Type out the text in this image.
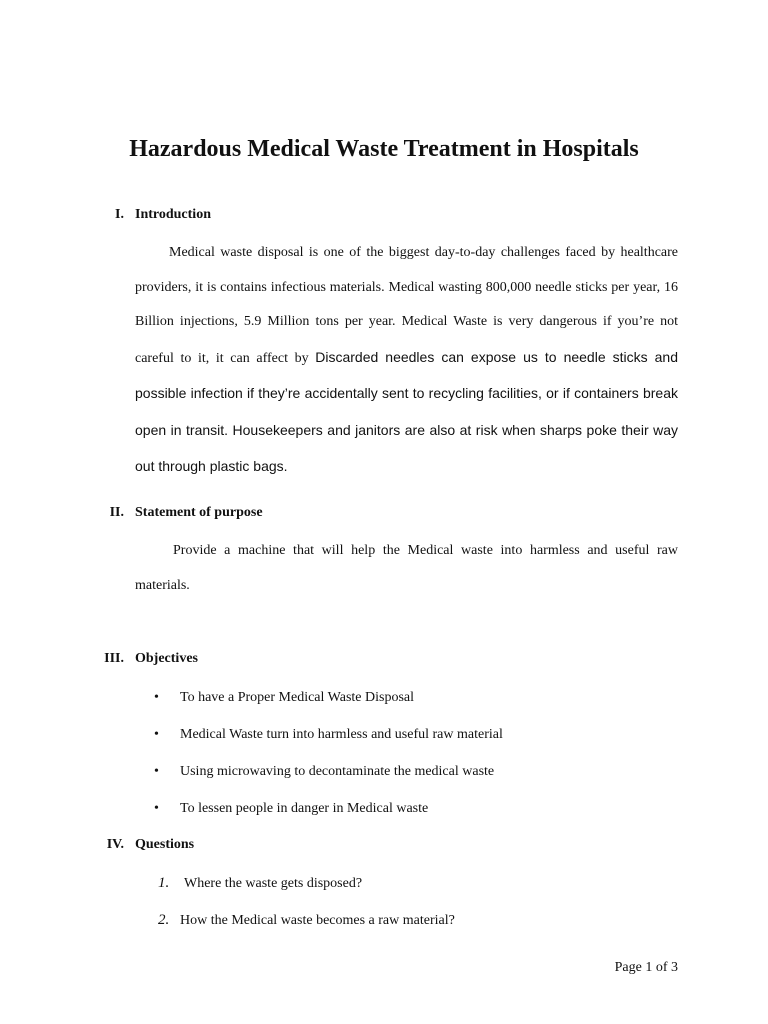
Hazardous Medical Waste Treatment in Hospitals
I. Introduction

Medical waste disposal is one of the biggest day-to-day challenges faced by healthcare providers, it is contains infectious materials. Medical wasting 800,000 needle sticks per year, 16 Billion injections, 5.9 Million tons per year. Medical Waste is very dangerous if you’re not careful to it, it can affect by Discarded needles can expose us to needle sticks and possible infection if they’re accidentally sent to recycling facilities, or if containers break open in transit. Housekeepers and janitors are also at risk when sharps poke their way out through plastic bags.

II. Statement of purpose

Provide a machine that will help the Medical waste into harmless and useful raw materials.

III. Objectives
• To have a Proper Medical Waste Disposal
• Medical Waste turn into harmless and useful raw material
• Using microwaving to decontaminate the medical waste
• To lessen people in danger in Medical waste
IV. Questions
1. Where the waste gets disposed?
2. How the Medical waste becomes a raw material?
Page 1 of 3
